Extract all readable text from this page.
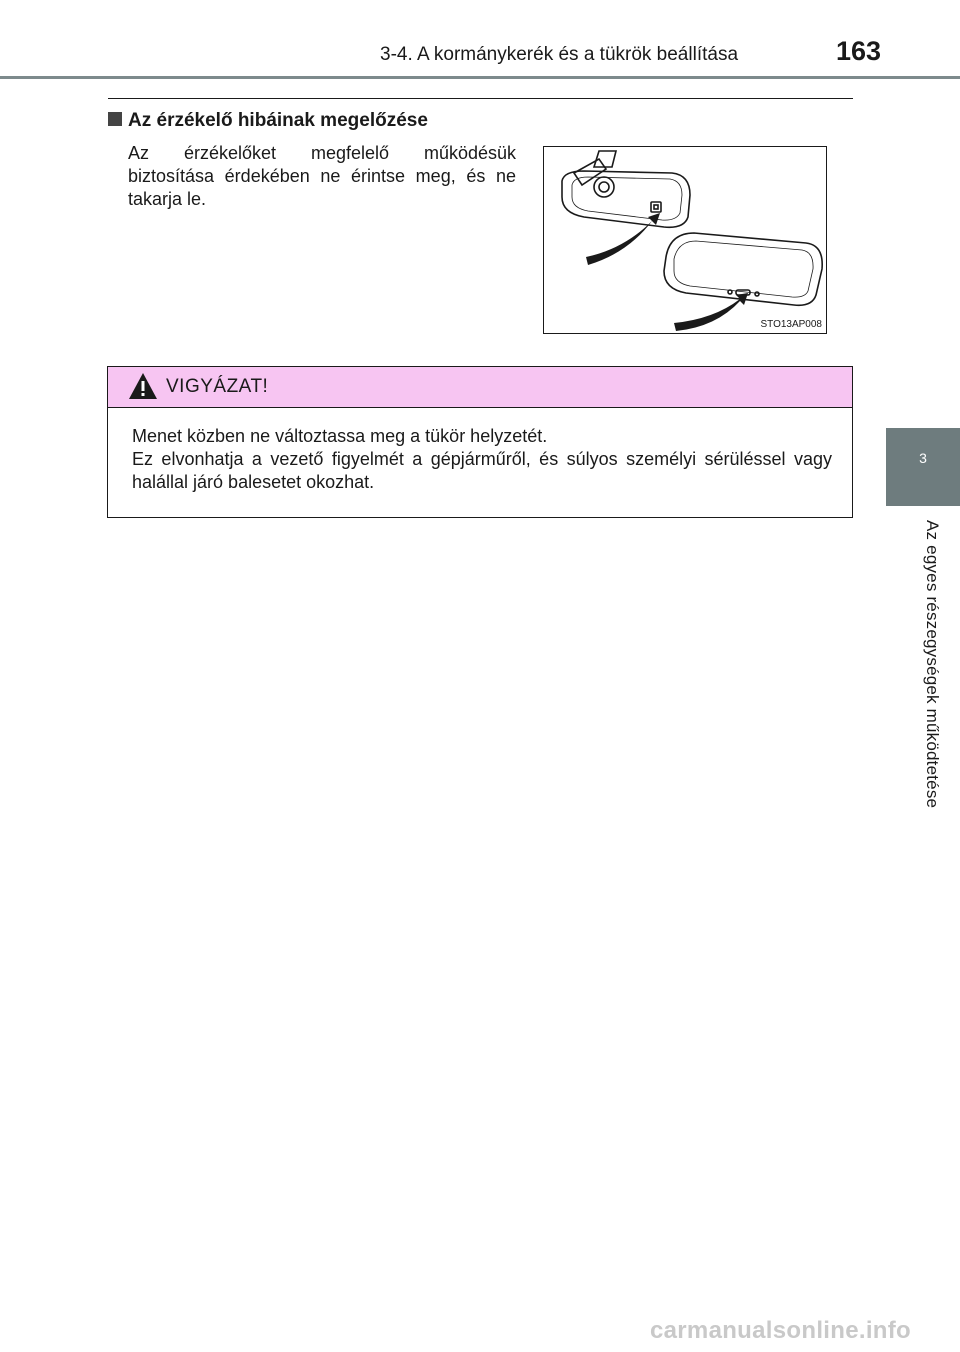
3-4. A kormánykerék és a tükrök beállítása	163
3
Az egyes részegységek működtetése
Az érzékelő hibáinak megelőzése
Az érzékelőket megfelelő működésük biztosítása érdekében ne érintse meg, és ne takarja le.
STO13AP008
VIGYÁZAT!

Menet közben ne változtassa meg a tükör helyzetét.

Ez elvonhatja a vezető figyelmét a gépjárműről, és súlyos személyi sérüléssel vagy halállal járó balesetet okozhat.

carmanualsonline.info
